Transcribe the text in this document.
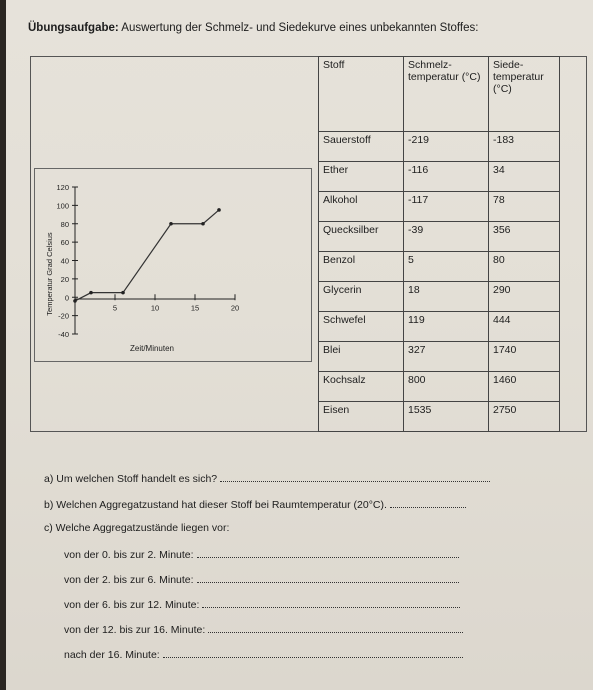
Übungsaufgabe: Auswertung der Schmelz- und Siedekurve eines unbekannten Stoffes:
120
100
80
60
40
20
0
-20
-40
5	10	15	20
Temperatur Grad Celsius
Zeit/Minuten
Stoff	Schmelz-temperatur (°C)	Siede-temperatur (°C)
Sauerstoff	-219	-183
Ether	-116	34
Alkohol	-117	78
Quecksilber	-39	356
Benzol	5	80
Glycerin	18	290
Schwefel	119	444
Blei	327	1740
Kochsalz	800	1460
Eisen	1535	2750
a) Um welchen Stoff handelt es sich?
b) Welchen Aggregatzustand hat dieser Stoff bei Raumtemperatur (20°C).
c) Welche Aggregatzustände liegen vor:
von der 0. bis zur 2. Minute:
von der 2. bis zur 6. Minute:
von der 6. bis zur 12. Minute:
von der 12. bis zur 16. Minute:
nach der 16. Minute:
